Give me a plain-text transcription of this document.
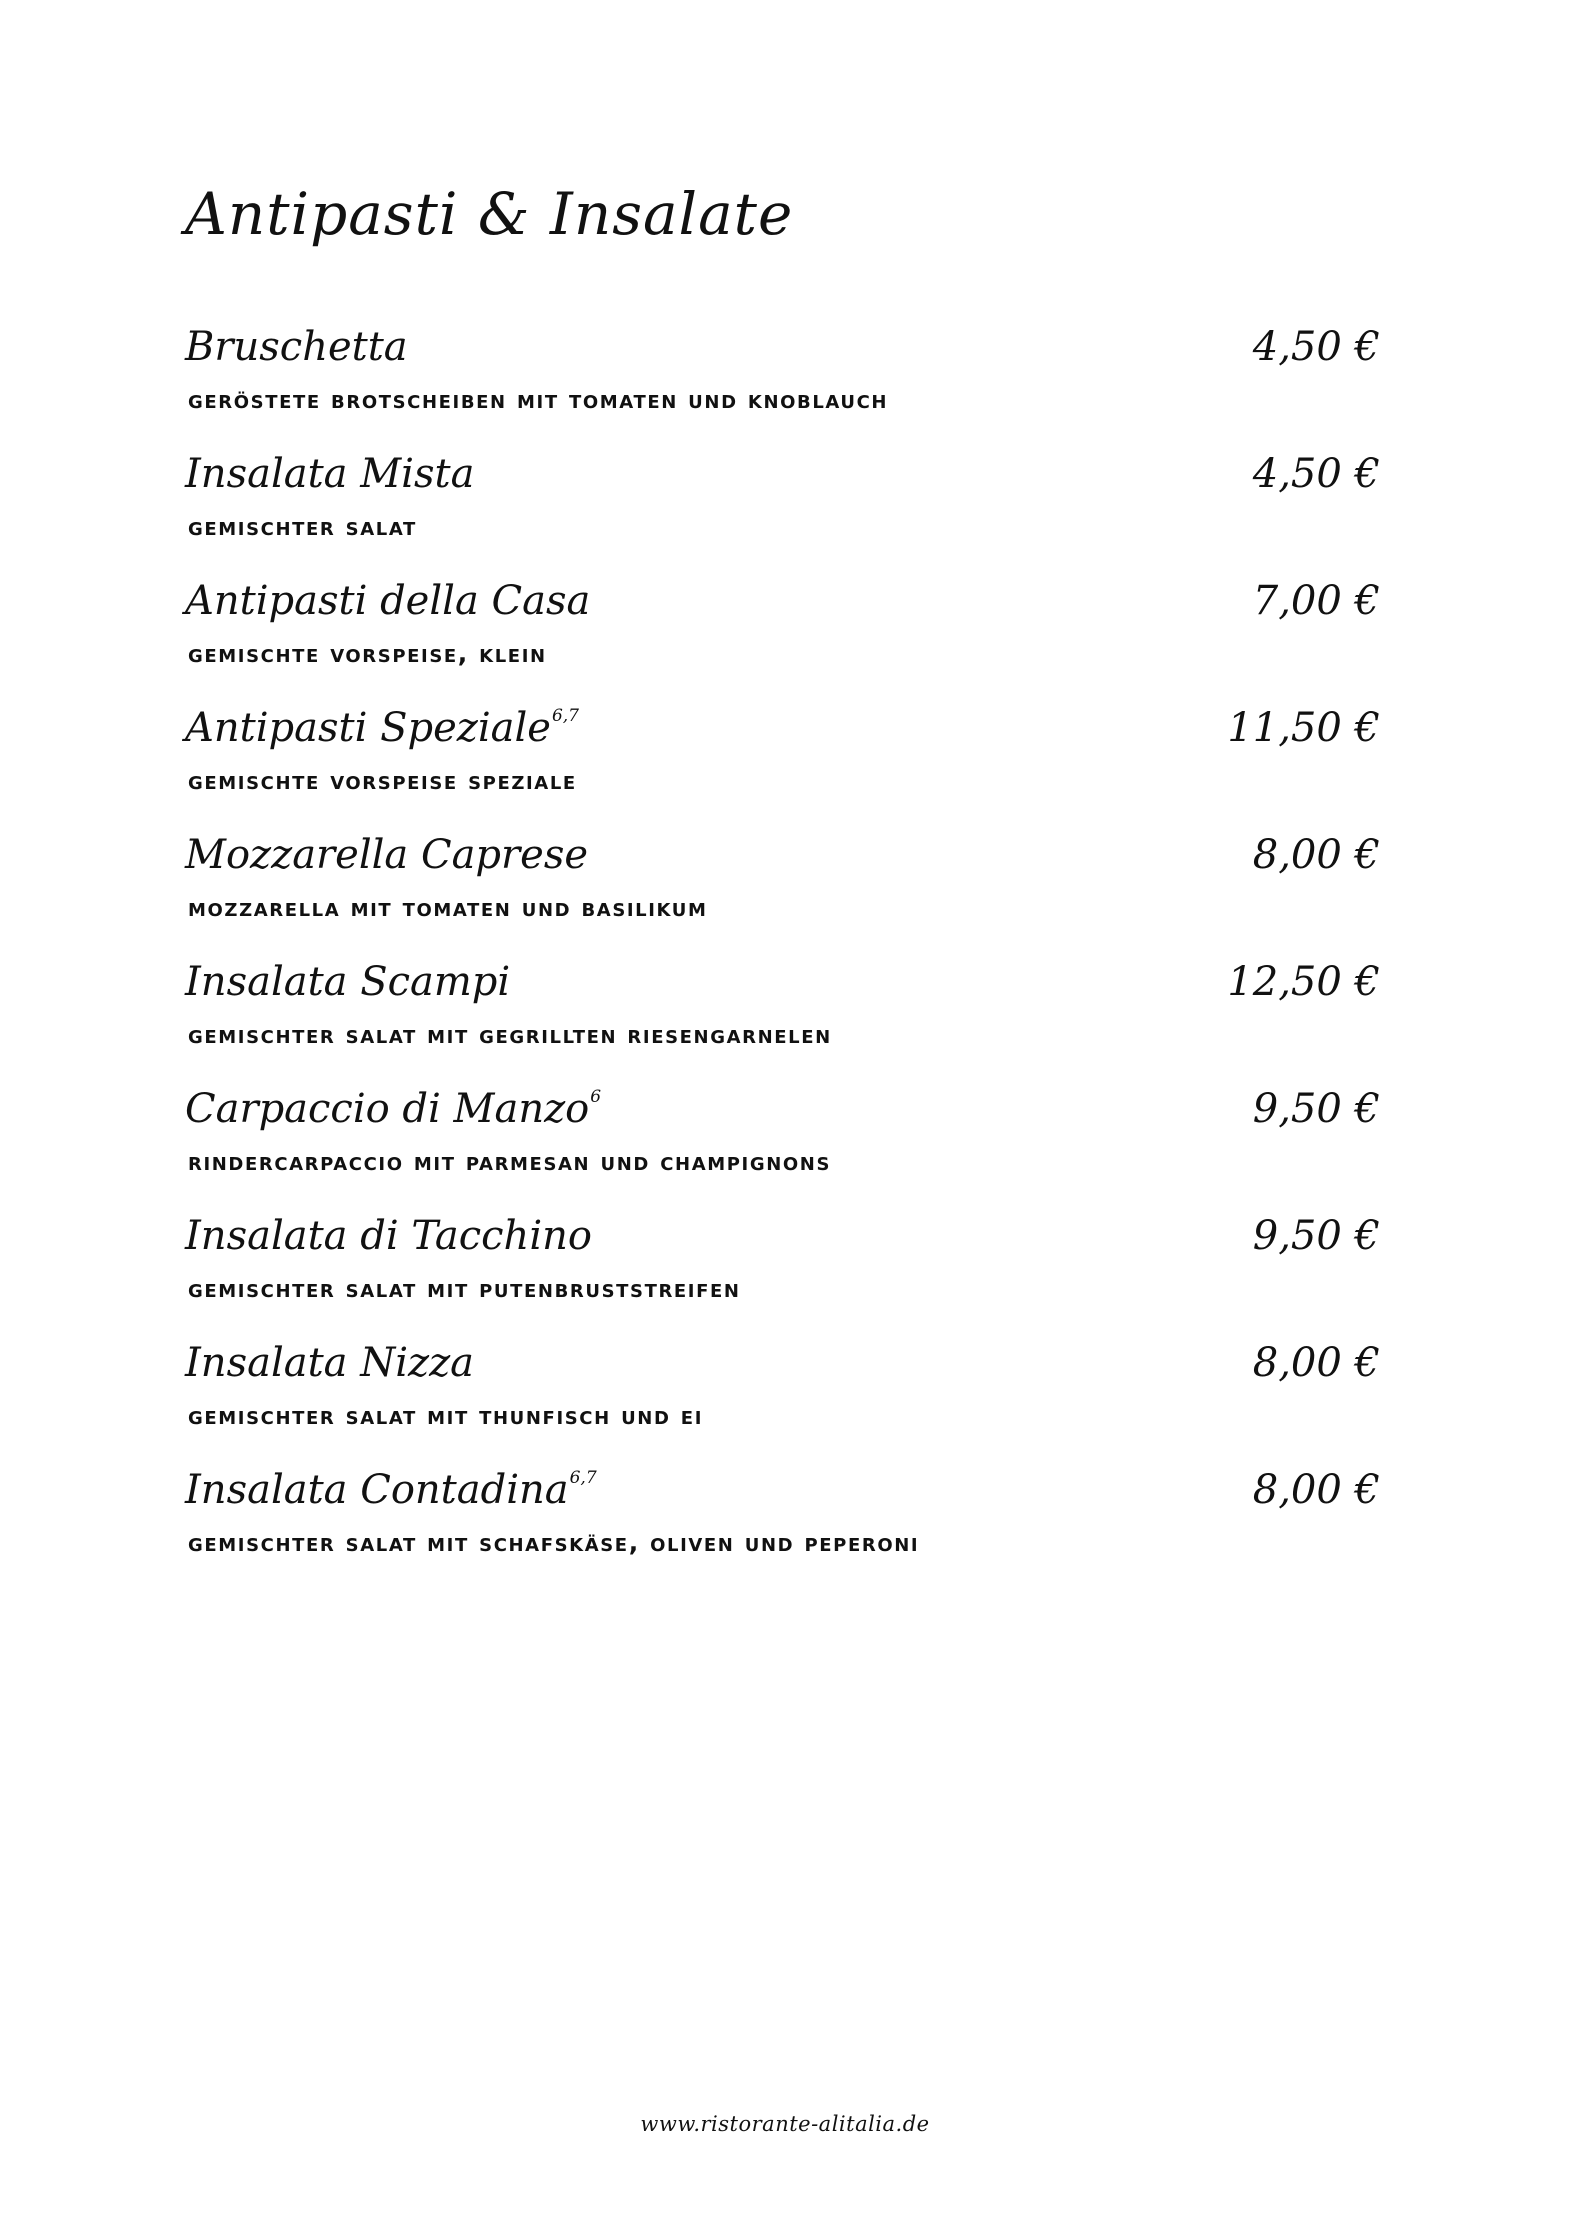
Antipasti & Insalate
Bruschetta	4,50 €
geröstete brotscheiben mit tomaten und knoblauch
Insalata Mista	4,50 €
gemischter salat
Antipasti della Casa	7,00 €
gemischte vorspeise, klein
Antipasti Speziale$^{6,7}$	11,50 €
gemischte vorspeise speziale
Mozzarella Caprese	8,00 €
mozzarella mit tomaten und basilikum
Insalata Scampi	12,50 €
gemischter salat mit gegrillten riesengarnelen
Carpaccio di Manzo$^6$	9,50 €
rindercarpaccio mit parmesan und champignons
Insalata di Tacchino	9,50 €
gemischter salat mit putenbruststreifen
Insalata Nizza	8,00 €
gemischter salat mit thunfisch und ei
Insalata Contadina$^{6,7}$	8,00 €
gemischter salat mit schafskäse, oliven und peperoni
www.ristorante-alitalia.de
